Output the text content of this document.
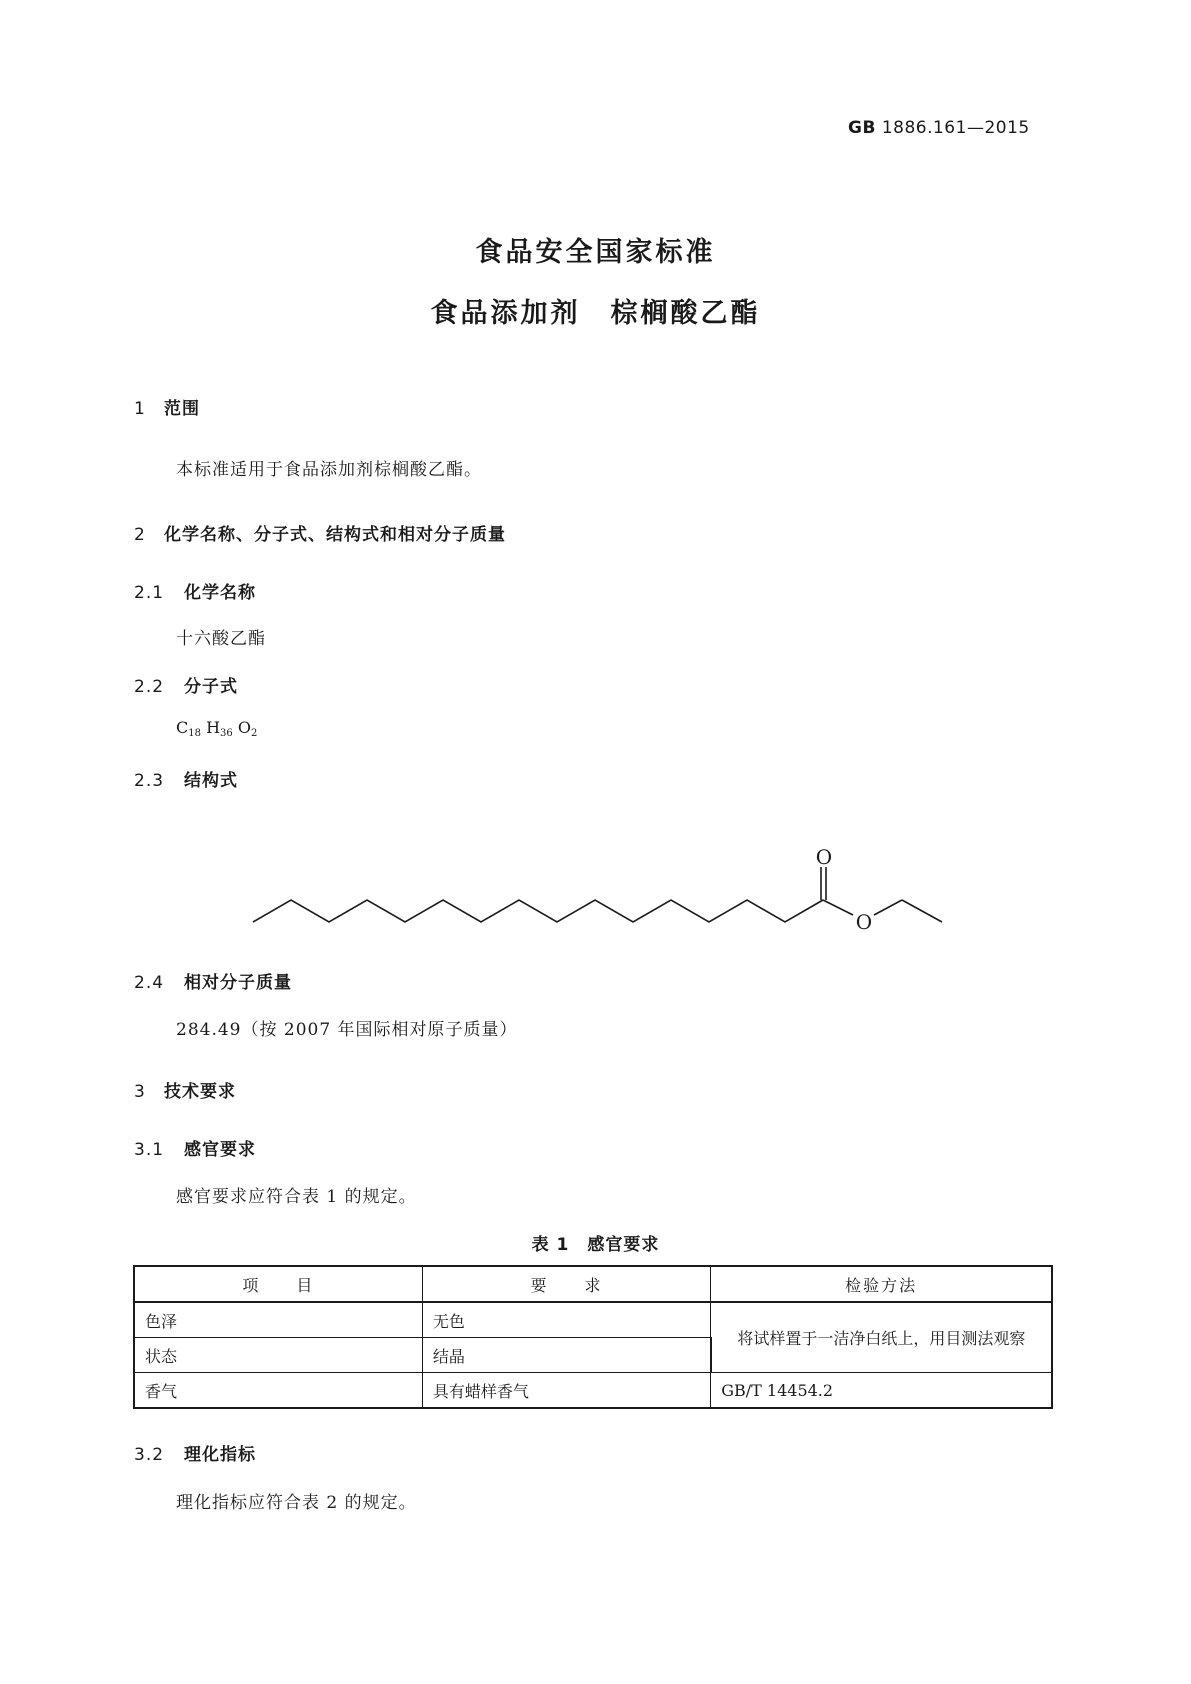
GB 1886.161—2015
食品安全国家标准
食品添加剂　棕榈酸乙酯
1 范围
本标准适用于食品添加剂棕榈酸乙酯。
2 化学名称、分子式、结构式和相对分子质量
2.1 化学名称
十六酸乙酯
2.2 分子式
$C_{18}$ $H_{36}$ $O_2$
2.3 结构式
O
O
2.4 相对分子质量
284.49（按 2007 年国际相对原子质量）
3 技术要求
3.1 感官要求
感官要求应符合表 1 的规定。
表 1　感官要求
项　　目	要　　求	检验方法
色泽	无色	将试样置于一洁净白纸上，用目测法观察
状态	结晶	
香气	具有蜡样香气	GB/T 14454.2
3.2 理化指标
理化指标应符合表 2 的规定。
